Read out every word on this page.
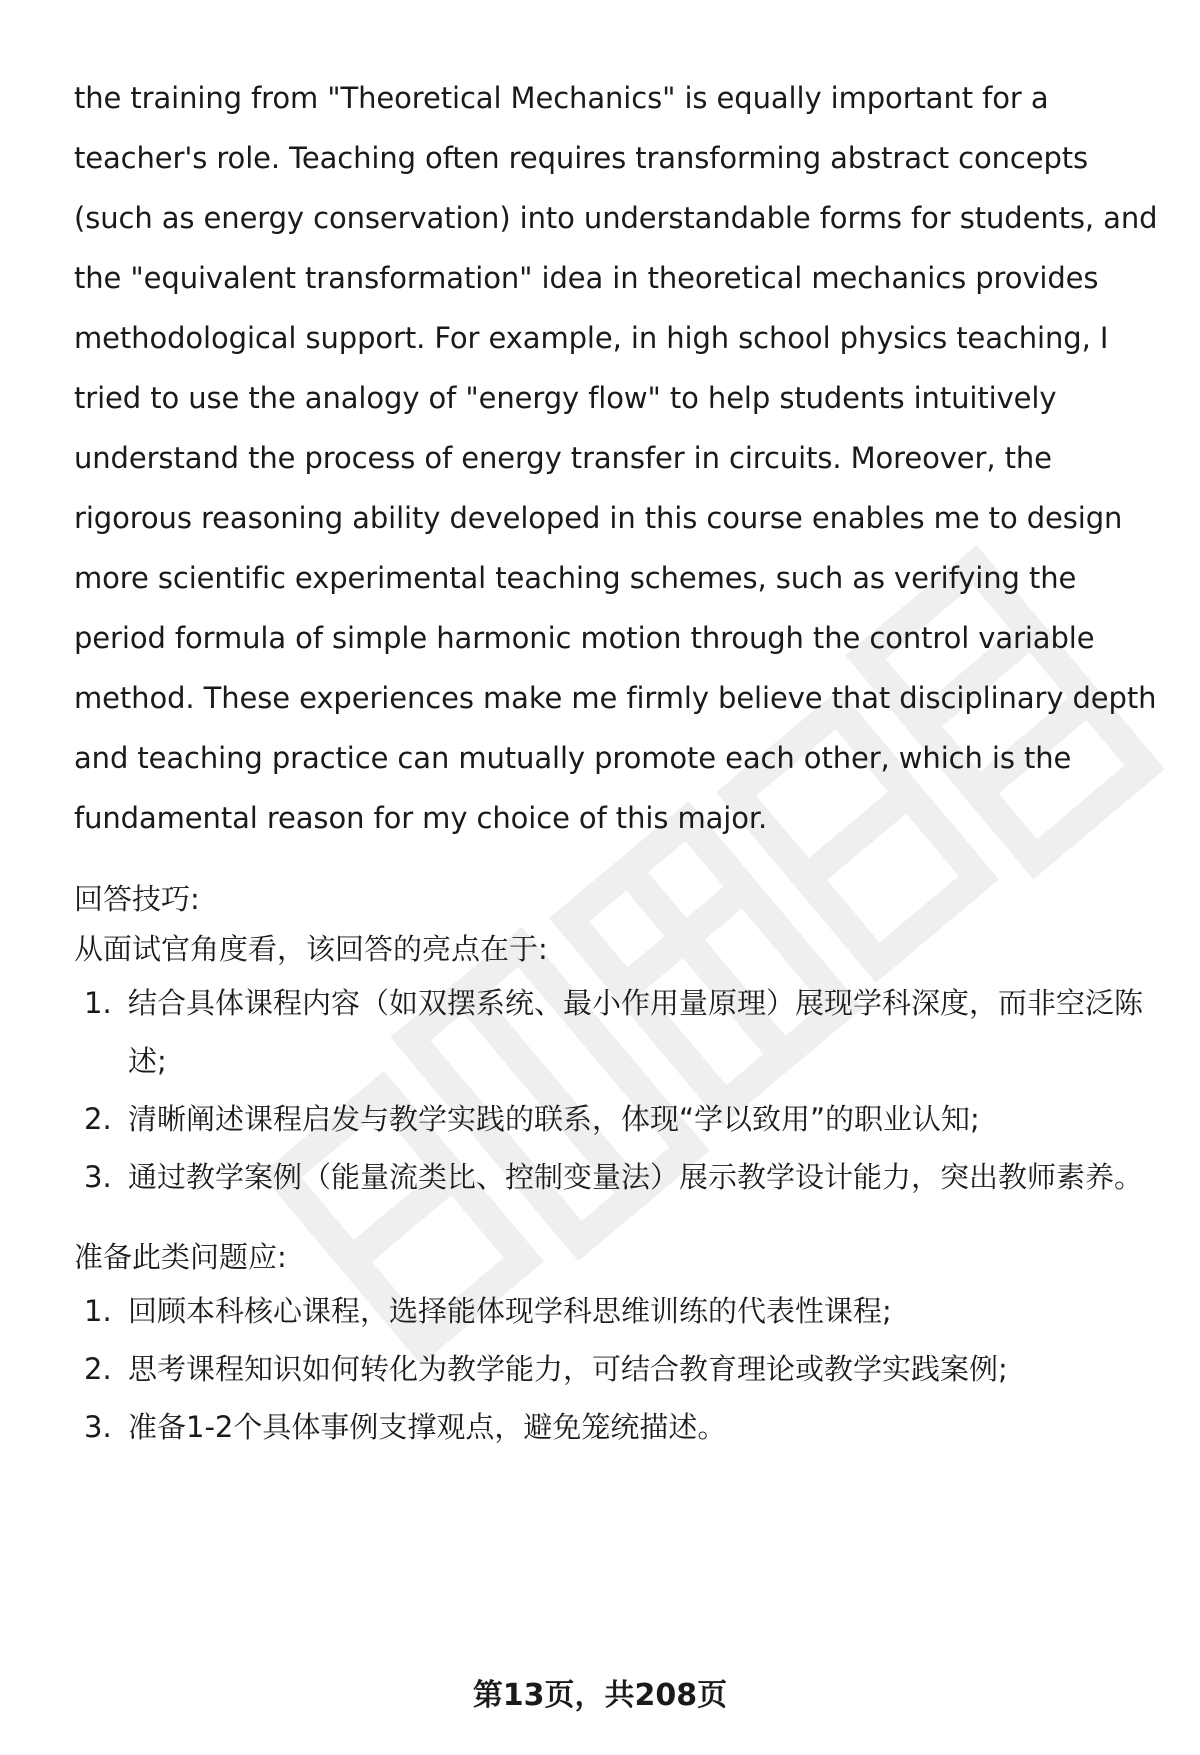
the training from "Theoretical Mechanics" is equally important for a teacher's role. Teaching often requires transforming abstract concepts (such as energy conservation) into understandable forms for students, and the "equivalent transformation" idea in theoretical mechanics provides methodological support. For example, in high school physics teaching, I tried to use the analogy of "energy flow" to help students intuitively understand the process of energy transfer in circuits. Moreover, the rigorous reasoning ability developed in this course enables me to design more scientific experimental teaching schemes, such as verifying the period formula of simple harmonic motion through the control variable method. These experiences make me firmly believe that disciplinary depth and teaching practice can mutually promote each other, which is the fundamental reason for my choice of this major.

回答技巧:

从面试官角度看，该回答的亮点在于:

1. 结合具体课程内容（如双摆系统、最小作用量原理）展现学科深度，而非空泛陈述;
2. 清晰阐述课程启发与教学实践的联系，体现“学以致用”的职业认知;
3. 通过教学案例（能量流类比、控制变量法）展示教学设计能力，突出教师素养。

准备此类问题应:

1. 回顾本科核心课程，选择能体现学科思维训练的代表性课程;
2. 思考课程知识如何转化为教学能力，可结合教育理论或教学实践案例;
3. 准备1-2个具体事例支撑观点，避免笼统描述。
第13页，共208页
